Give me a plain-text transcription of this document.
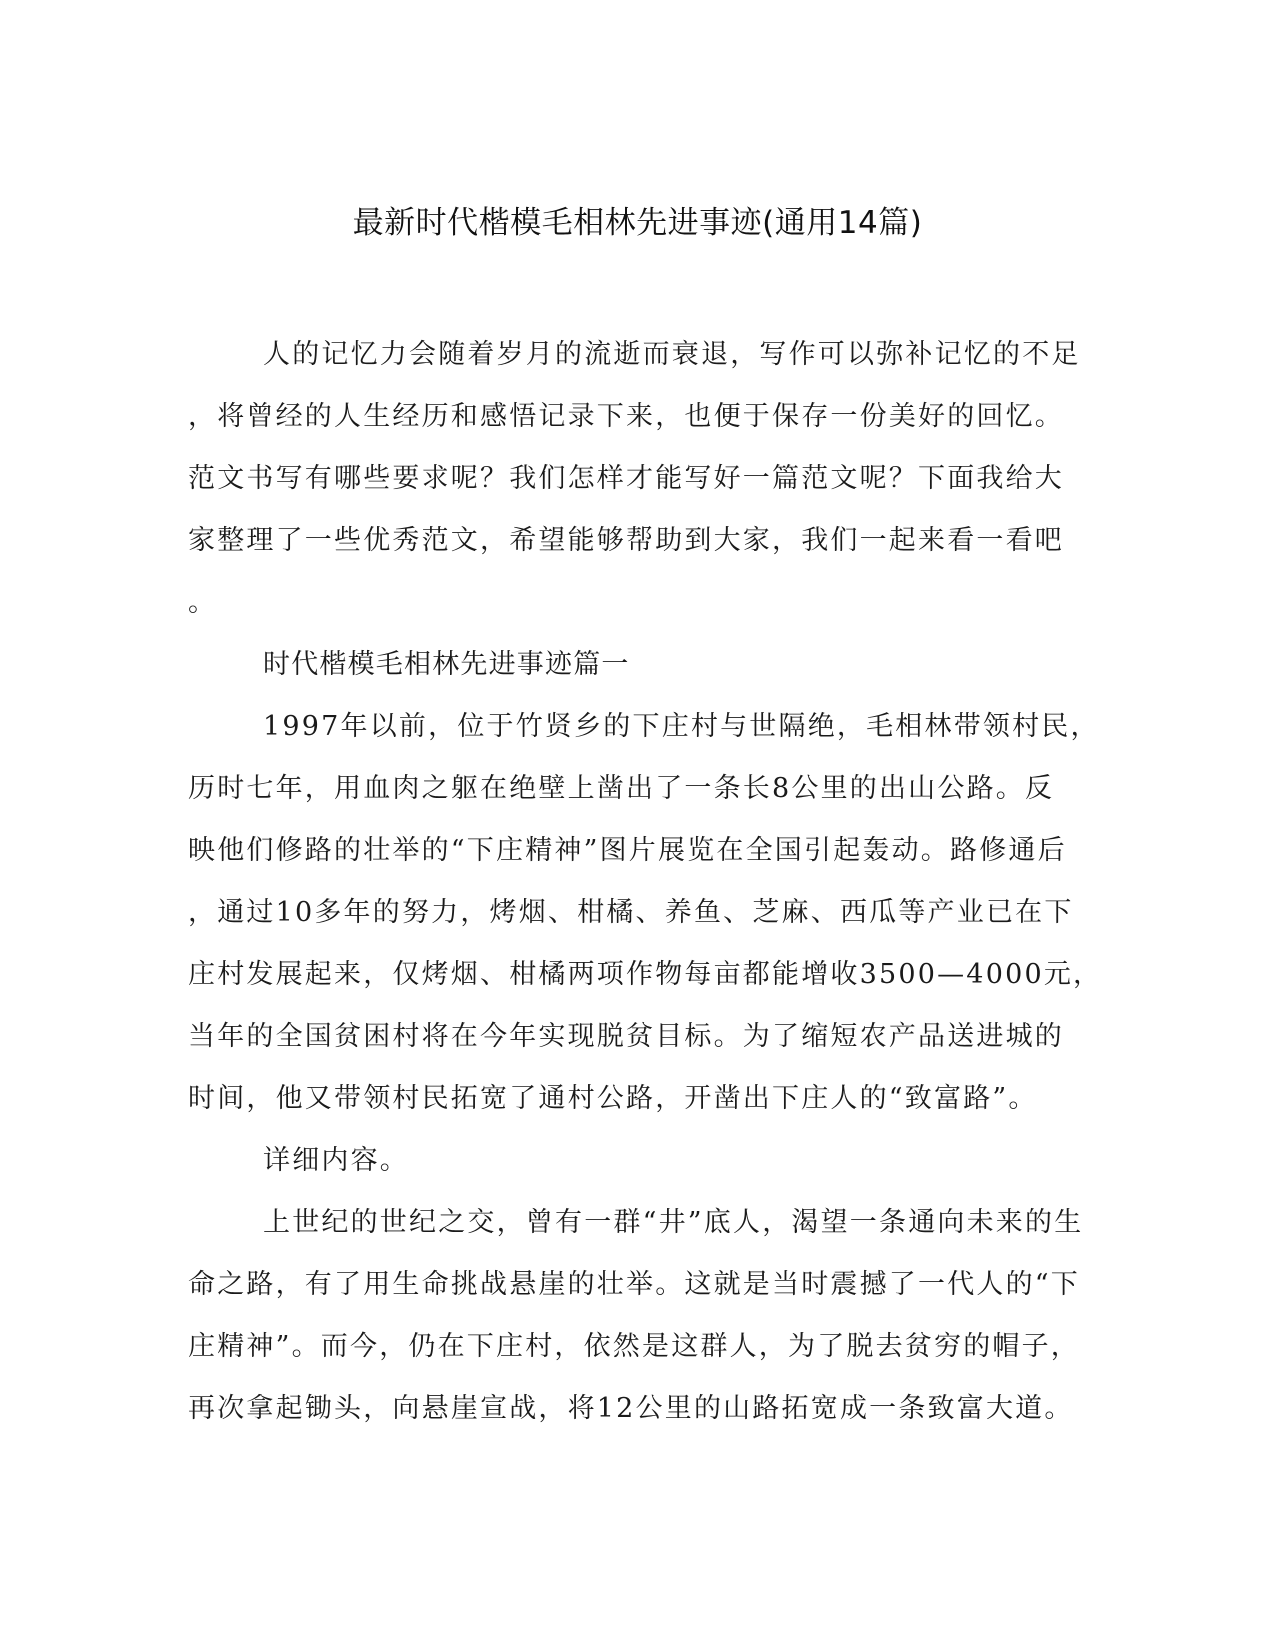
最新时代楷模毛相林先进事迹(通用14篇)
人的记忆力会随着岁月的流逝而衰退，写作可以弥补记忆的不足
，将曾经的人生经历和感悟记录下来，也便于保存一份美好的回忆。
范文书写有哪些要求呢？我们怎样才能写好一篇范文呢？下面我给大
家整理了一些优秀范文，希望能够帮助到大家，我们一起来看一看吧
。
时代楷模毛相林先进事迹篇一
1997年以前，位于竹贤乡的下庄村与世隔绝，毛相林带领村民，
历时七年，用血肉之躯在绝壁上凿出了一条长8公里的出山公路。反
映他们修路的壮举的“下庄精神”图片展览在全国引起轰动。路修通后
，通过10多年的努力，烤烟、柑橘、养鱼、芝麻、西瓜等产业已在下
庄村发展起来，仅烤烟、柑橘两项作物每亩都能增收3500—4000元，
当年的全国贫困村将在今年实现脱贫目标。为了缩短农产品送进城的
时间，他又带领村民拓宽了通村公路，开凿出下庄人的“致富路”。
详细内容。
上世纪的世纪之交，曾有一群“井”底人，渴望一条通向未来的生
命之路，有了用生命挑战悬崖的壮举。这就是当时震撼了一代人的“下
庄精神”。而今，仍在下庄村，依然是这群人，为了脱去贫穷的帽子，
再次拿起锄头，向悬崖宣战，将12公里的山路拓宽成一条致富大道。
